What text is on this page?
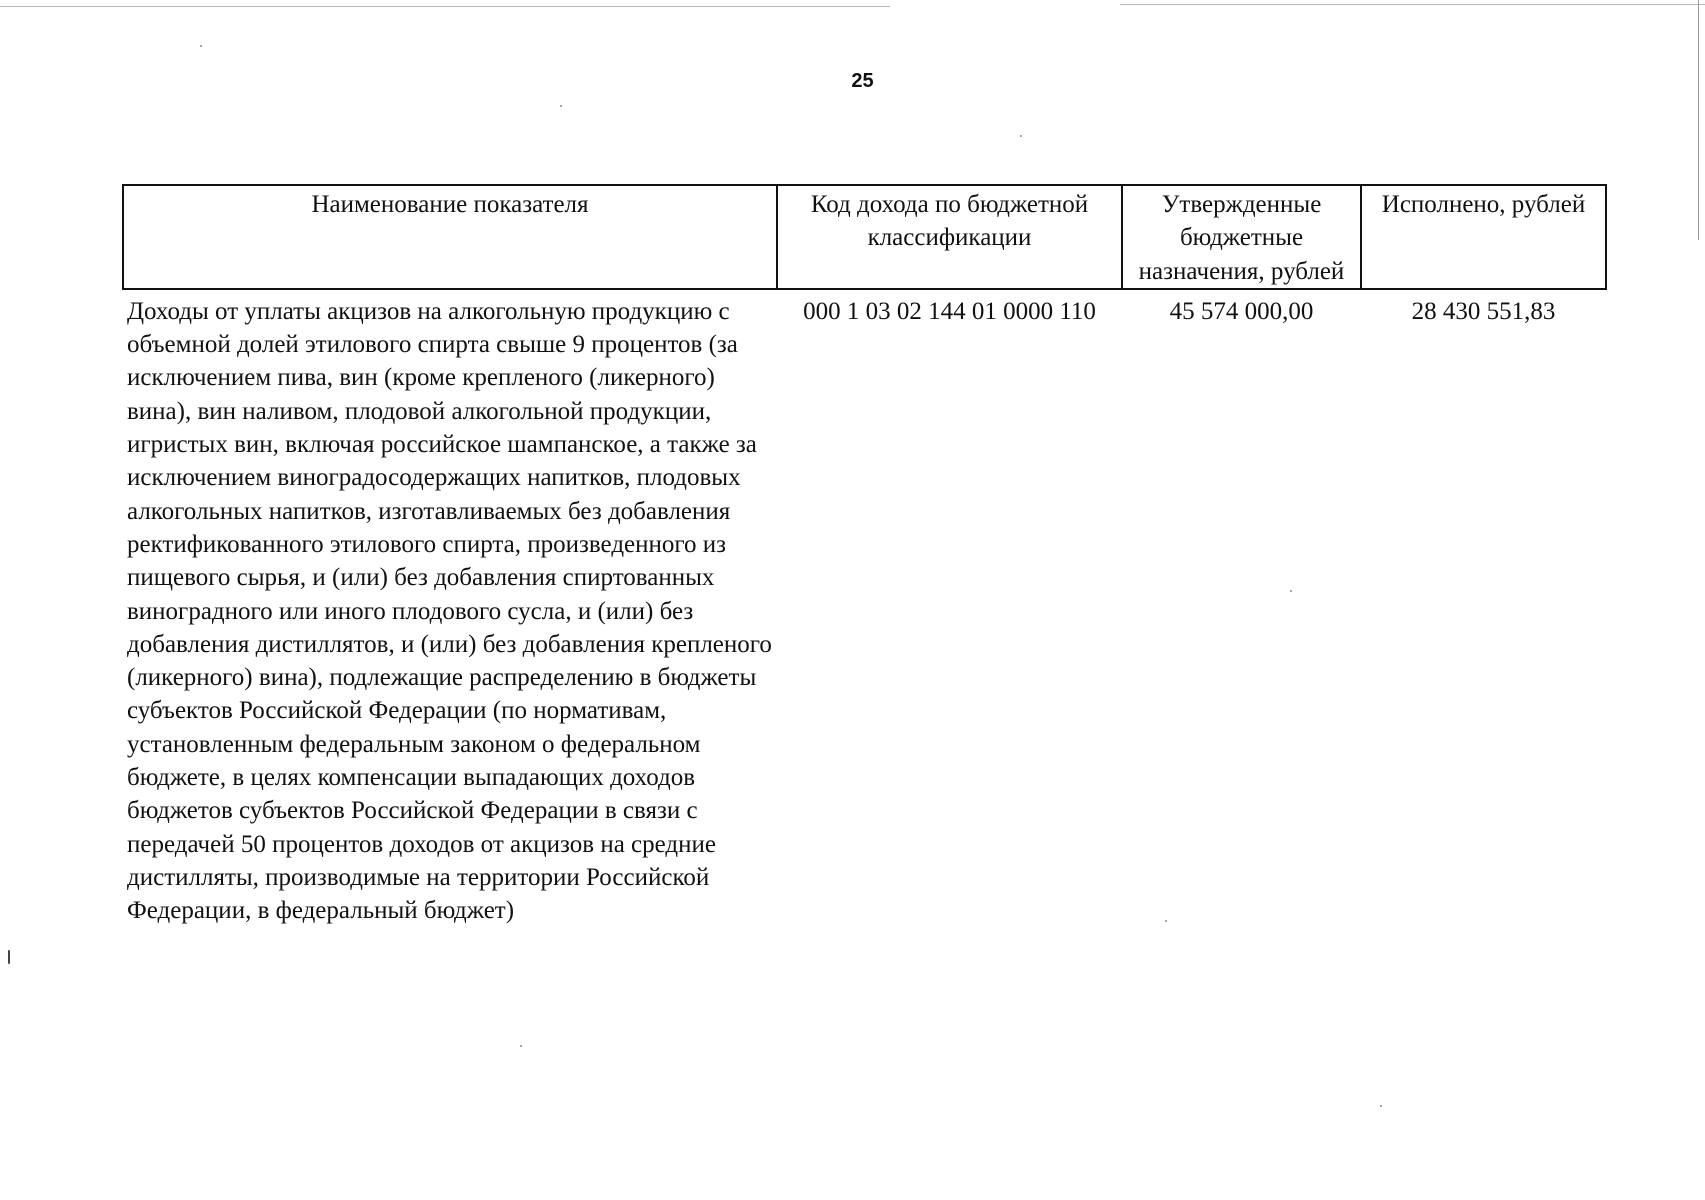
25
Наименование показателя	Код дохода по бюджетной классификации	Утвержденные бюджетные назначения, рублей	Исполнено, рублей
Доходы от уплаты акцизов на алкогольную продукцию с объемной долей этилового спирта свыше 9 процентов (за исключением пива, вин (кроме крепленого (ликерного) вина), вин наливом, плодовой алкогольной продукции, игристых вин, включая российское шампанское, а также за исключением виноградосодержащих напитков, плодовых алкогольных напитков, изготавливаемых без добавления ректификованного этилового спирта, произведенного из пищевого сырья, и (или) без добавления спиртованных виноградного или иного плодового сусла, и (или) без добавления дистиллятов, и (или) без добавления крепленого (ликерного) вина), подлежащие распределению в бюджеты субъектов Российской Федерации (по нормативам, установленным федеральным законом о федеральном бюджете, в целях компенсации выпадающих доходов бюджетов субъектов Российской Федерации в связи с передачей 50 процентов доходов от акцизов на средние дистилляты, производимые на территории Российской Федерации, в федеральный бюджет)	000 1 03 02 144 01 0000 110	45 574 000,00	28 430 551,83
